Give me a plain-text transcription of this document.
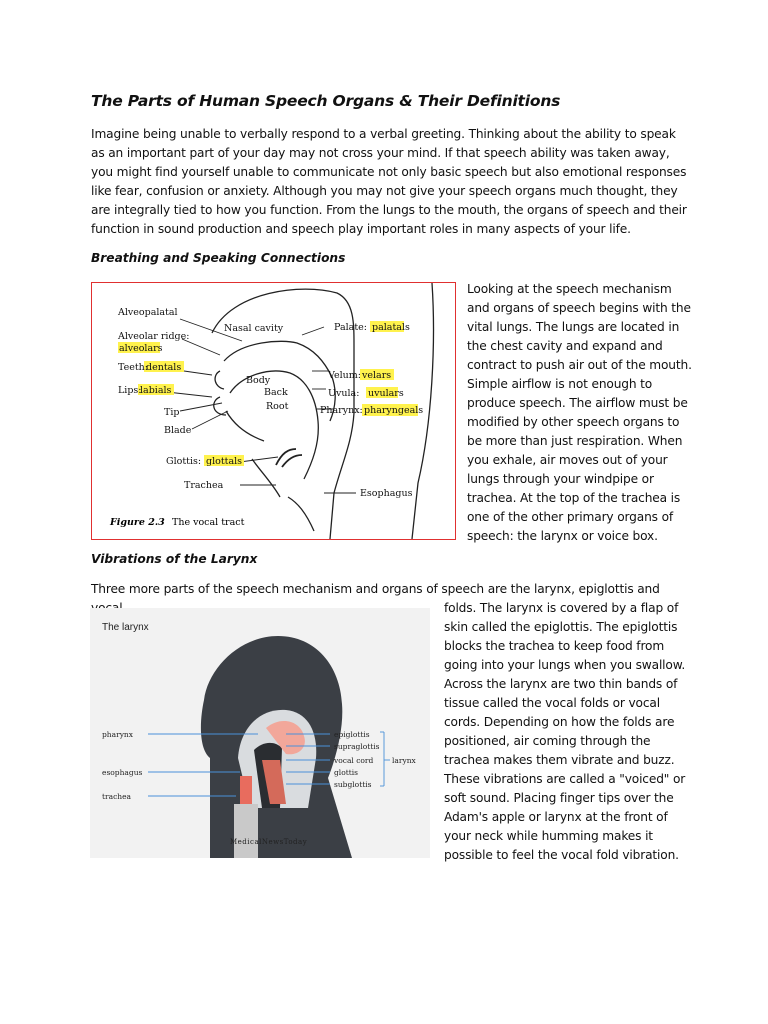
The Parts of Human Speech Organs & Their Definitions

Imagine being unable to verbally respond to a verbal greeting. Thinking about the ability to speak as an important part of your day may not cross your mind. If that speech ability was taken away, you might find yourself unable to communicate not only basic speech but also emotional responses like fear, confusion or anxiety. Although you may not give your speech organs much thought, they are integrally tied to how you function. From the lungs to the mouth, the organs of speech and their function in sound production and speech play important roles in many aspects of your life.

Breathing and Speaking Connections

Alveopalatal
Alveolar ridge:
alveolars
Teeth:
dentals
Lips:
labials
Tip
Blade
Glottis: glottals
Trachea
Nasal cavity	Palate: palatals
Body
Back
Root
Velum: velars
Uvula: uvulars
Pharynx: pharyngeals
Esophagus
Figure 2.3 The vocal tract

Looking at the speech mechanism and organs of speech begins with the vital lungs. The lungs are located in the chest cavity and expand and contract to push air out of the mouth. Simple airflow is not enough to produce speech. The airflow must be modified by other speech organs to be more than just respiration. When you exhale, air moves out of your lungs through your windpipe or trachea. At the top of the trachea is one of the other primary organs of speech: the larynx or voice box.

Vibrations of the Larynx

Three more parts of the speech mechanism and organs of speech are the larynx, epiglottis and

The larynx
pharynx
esophagus
trachea
epiglottis
supraglottis
vocal cord
glottis
subglottis
larynx
MedicalNewsToday

folds. The larynx is covered by a flap of skin called the epiglottis. The epiglottis blocks the trachea to keep food from going into your lungs when you swallow. Across the larynx are two thin bands of tissue called the vocal folds or vocal cords. Depending on how the folds are positioned, air coming through the trachea makes them vibrate and buzz. These vibrations are called a "voiced" or soft sound. Placing finger tips over the Adam's apple or larynx at the front of your neck while humming makes it possible to feel the vocal fold vibration.
